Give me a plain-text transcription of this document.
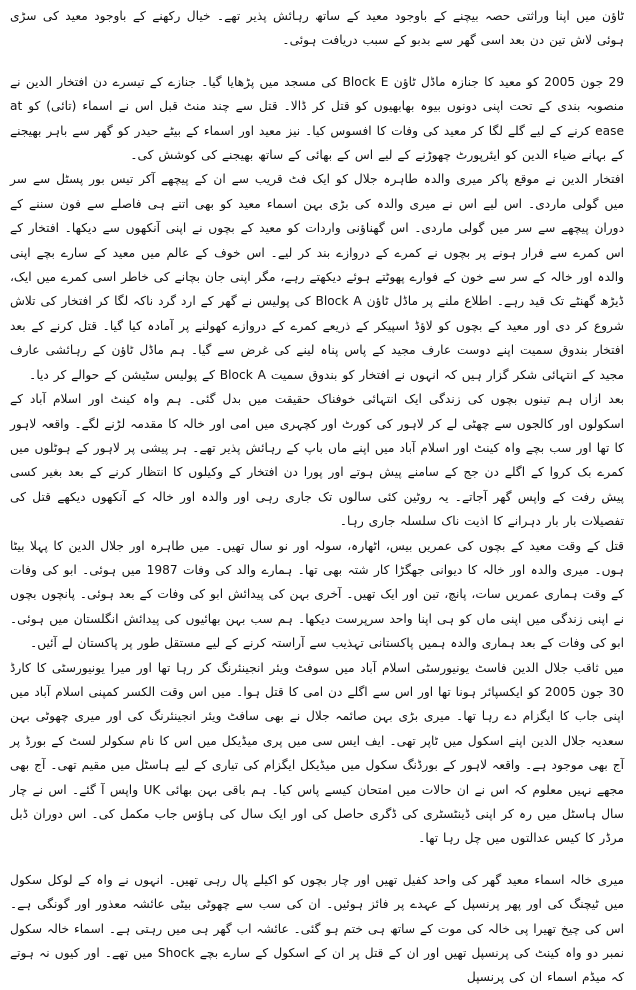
ٹاؤن میں اپنا وراثتی حصہ بیچنے کے باوجود معید کے ساتھ رہائش پذیر تھے۔ خیال رکھنے کے باوجود معید کی سڑی ہوئی لاش تین دن بعد اسی گھر سے بدبو کے سبب دریافت ہوئی۔

29 جون 2005 کو معید کا جنازہ ماڈل ٹاؤن Block E کی مسجد میں پڑھایا گیا۔ جنازے کے تیسرے دن افتخار الدین نے منصوبہ بندی کے تحت اپنی دونوں بیوہ بھابھیوں کو قتل کر ڈالا۔ قتل سے چند منٹ قبل اس نے اسماء (تائی) کو at ease کرنے کے لیے گلے لگا کر معید کی وفات کا افسوس کیا۔ نیز معید اور اسماء کے بیٹے حیدر کو گھر سے باہر بھیجنے کے بہانے ضیاء الدین کو ایئرپورٹ چھوڑنے کے لیے اس کے بھائی کے ساتھ بھیجنے کی کوشش کی۔

افتخار الدین نے موقع پاکر میری والدہ طاہرہ جلال کو ایک فٹ قریب سے ان کے پیچھے آکر تیس بور پسٹل سے سر میں گولی ماردی۔ اس لیے اس نے میری والدہ کی بڑی بہن اسماء معید کو بھی اتنے ہی فاصلے سے فون سننے کے دوران پیچھے سے سر میں گولی ماردی۔ اس گھناؤنی واردات کو معید کے بچوں نے اپنی آنکھوں سے دیکھا۔ افتخار کے اس کمرے سے فرار ہونے پر بچوں نے کمرے کے دروازے بند کر لیے۔ اس خوف کے عالم میں معید کے سارے بچے اپنی والدہ اور خالہ کے سر سے خون کے فوارے پھوٹتے ہوئے دیکھتے رہے، مگر اپنی جان بچانے کی خاطر اسی کمرے میں ایک، ڈیڑھ گھنٹے تک قید رہے۔ اطلاع ملنے پر ماڈل ٹاؤن Block A کی پولیس نے گھر کے ارد گرد ناکہ لگا کر افتخار کی تلاش شروع کر دی اور معید کے بچوں کو لاؤڈ اسپیکر کے ذریعے کمرے کے دروازے کھولنے پر آمادہ کیا گیا۔ قتل کرنے کے بعد افتخار بندوق سمیت اپنے دوست عارف مجید کے پاس پناہ لینے کی غرض سے گیا۔ ہم ماڈل ٹاؤن کے رہائشی عارف مجید کے انتہائی شکر گزار ہیں کہ انہوں نے افتخار کو بندوق سمیت Block A کے پولیس سٹیشن کے حوالے کر دیا۔

بعد ازاں ہم تینوں بچوں کی زندگی ایک انتہائی خوفناک حقیقت میں بدل گئی۔ ہم واہ کینٹ اور اسلام آباد کے اسکولوں اور کالجوں سے چھٹی لے کر لاہور کی کورٹ اور کچہری میں امی اور خالہ کا مقدمہ لڑنے لگے۔ واقعہ لاہور کا تھا اور سب بچے واہ کینٹ اور اسلام آباد میں اپنے ماں باپ کے رہائش پذیر تھے۔ ہر پیشی پر لاہور کے ہوٹلوں میں کمرے بک کروا کے اگلے دن جج کے سامنے پیش ہوتے اور پورا دن افتخار کے وکیلوں کا انتظار کرنے کے بعد بغیر کسی پیش رفت کے واپس گھر آجاتے۔ یہ روٹین کئی سالوں تک جاری رہی اور والدہ اور خالہ کے آنکھوں دیکھے قتل کی تفصیلات بار بار دہرانے کا اذیت ناک سلسلہ جاری رہا۔

قتل کے وقت معید کے بچوں کی عمریں بیس، اٹھارہ، سولہ اور نو سال تھیں۔ میں طاہرہ اور جلال الدین کا پہلا بیٹا ہوں۔ میری والدہ اور خالہ کا دیوانی جھگڑا کار شتہ بھی تھا۔ ہمارے والد کی وفات 1987 میں ہوئی۔ ابو کی وفات کے وقت ہماری عمریں سات، پانچ، تین اور ایک تھیں۔ آخری بہن کی پیدائش ابو کی وفات کے بعد ہوئی۔ پانچوں بچوں نے اپنی زندگی میں اپنی ماں کو ہی اپنا واحد سرپرست دیکھا۔ ہم سب بہن بھائیوں کی پیدائش انگلستان میں ہوئی۔ ابو کی وفات کے بعد ہماری والدہ ہمیں پاکستانی تہذیب سے آراستہ کرنے کے لیے مستقل طور پر پاکستان لے آئیں۔

میں ثاقب جلال الدین فاسٹ یونیورسٹی اسلام آباد میں سوفٹ ویئر انجینئرنگ کر رہا تھا اور میرا یونیورسٹی کا کارڈ 30 جون 2005 کو ایکسپائر ہونا تھا اور اس سے اگلے دن امی کا قتل ہوا۔ میں اس وقت الکسر کمپنی اسلام آباد میں اپنی جاب کا ایگزام دے رہا تھا۔ میری بڑی بہن صائمہ جلال نے بھی سافٹ ویئر انجینئرنگ کی اور میری چھوٹی بہن سعدیہ جلال الدین اپنے اسکول میں ٹاپر تھی۔ ایف ایس سی میں پری میڈیکل میں اس کا نام سکولر لسٹ کے بورڈ پر آج بھی موجود ہے۔ واقعہ لاہور کے بورڈنگ سکول میں میڈیکل ایگزام کی تیاری کے لیے ہاسٹل میں مقیم تھی۔ آج بھی مجھے نہیں معلوم کہ اس نے ان حالات میں امتحان کیسے پاس کیا۔ ہم باقی بہن بھائی UK واپس آ گئے۔ اس نے چار سال ہاسٹل میں رہ کر اپنی ڈینٹسٹری کی ڈگری حاصل کی اور ایک سال کی ہاؤس جاب مکمل کی۔ اس دوران ڈبل مرڈر کا کیس عدالتوں میں چل رہا تھا۔

میری خالہ اسماء معید گھر کی واحد کفیل تھیں اور چار بچوں کو اکیلے پال رہی تھیں۔ انہوں نے واہ کے لوکل سکول میں ٹیچنگ کی اور پھر پرنسپل کے عہدے پر فائز ہوئیں۔ ان کی سب سے چھوٹی بیٹی عائشہ معذور اور گونگی ہے۔ اس کی چیخ تھیرا پی خالہ کی موت کے ساتھ ہی ختم ہو گئی۔ عائشہ اب گھر ہی میں رہتی ہے۔ اسماء خالہ سکول نمبر دو واہ کینٹ کی پرنسپل تھیں اور ان کے قتل پر ان کے اسکول کے سارے بچے Shock میں تھے۔ اور کیوں نہ ہوتے کہ میڈم اسماء ان کی پرنسپل
